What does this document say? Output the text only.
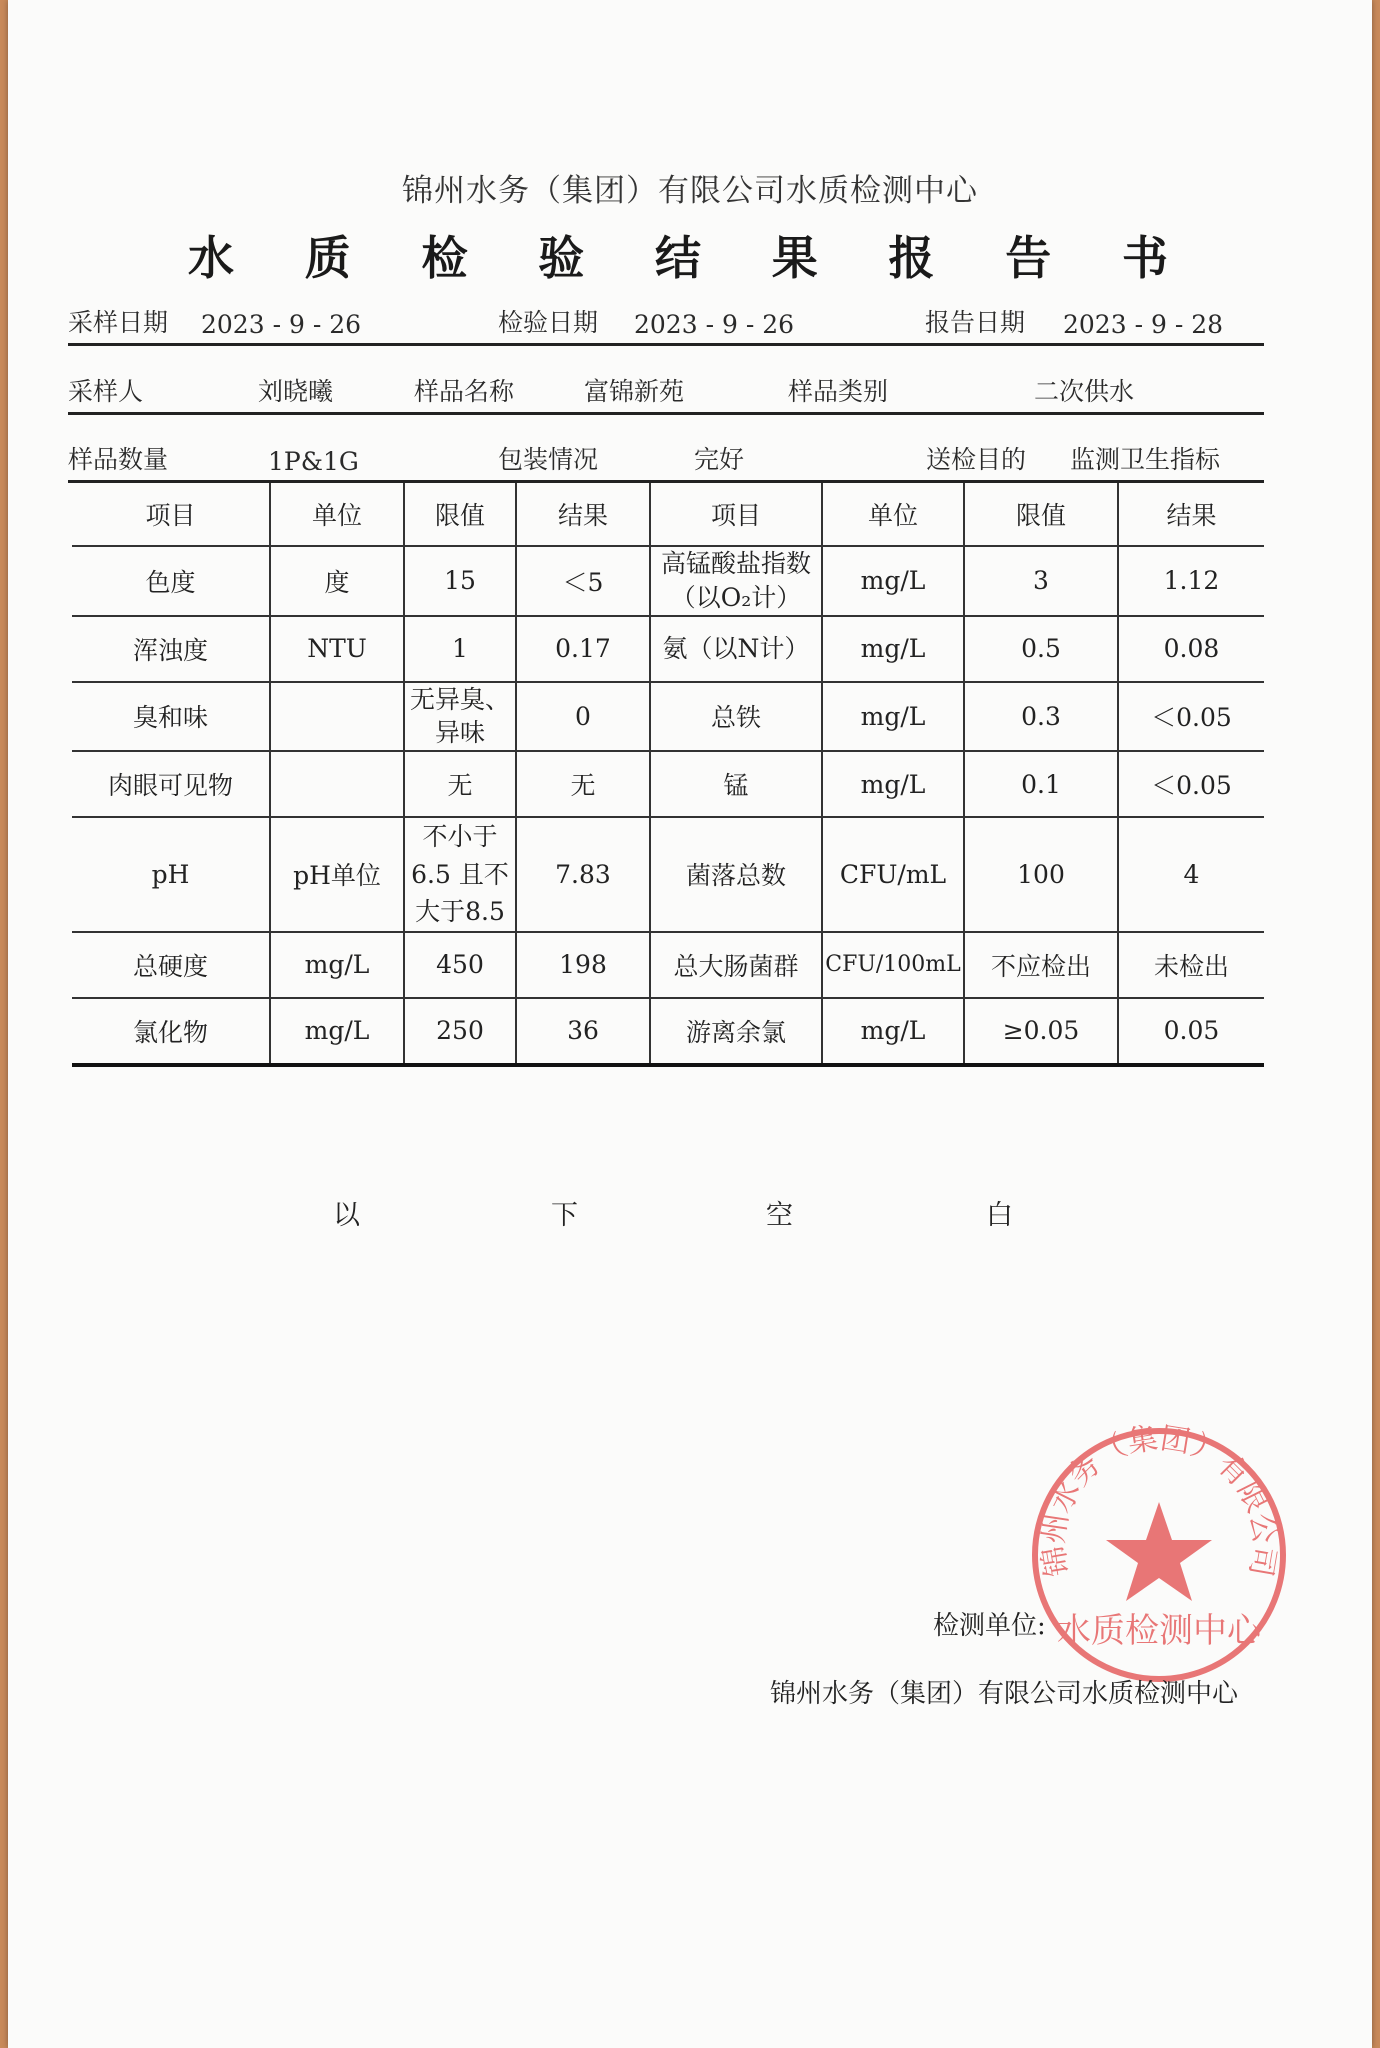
锦州水务（集团）有限公司水质检测中心
水 质 检 验 结 果 报 告 书
采样日期 2023 - 9 - 26	检验日期 2023 - 9 - 26	报告日期 2023 - 9 - 28
采样人	刘晓曦	样品名称	富锦新苑	样品类别	二次供水
样品数量	1P&1G	包装情况	完好	送检目的 监测卫生指标
项目	单位	限值	结果	项目	单位	限值	结果
色度	度	15	＜5	高锰酸盐指数（以O₂计）	mg/L	3	1.12
浑浊度	NTU	1	0.17	氨（以N计）	mg/L	0.5	0.08
臭和味		无异臭、异味	0	总铁	mg/L	0.3	＜0.05
肉眼可见物		无	无	锰	mg/L	0.1	＜0.05
pH	pH单位	不小于6.5 且不大于8.5	7.83	菌落总数	CFU/mL	100	4
总硬度	mg/L	450	198	总大肠菌群	CFU/100mL	不应检出	未检出
氯化物	mg/L	250	36	游离余氯	mg/L	≥0.05	0.05
以	下	空	白
锦州水务（集团）有限公司
水质检测中心
检测单位:
锦州水务（集团）有限公司水质检测中心
